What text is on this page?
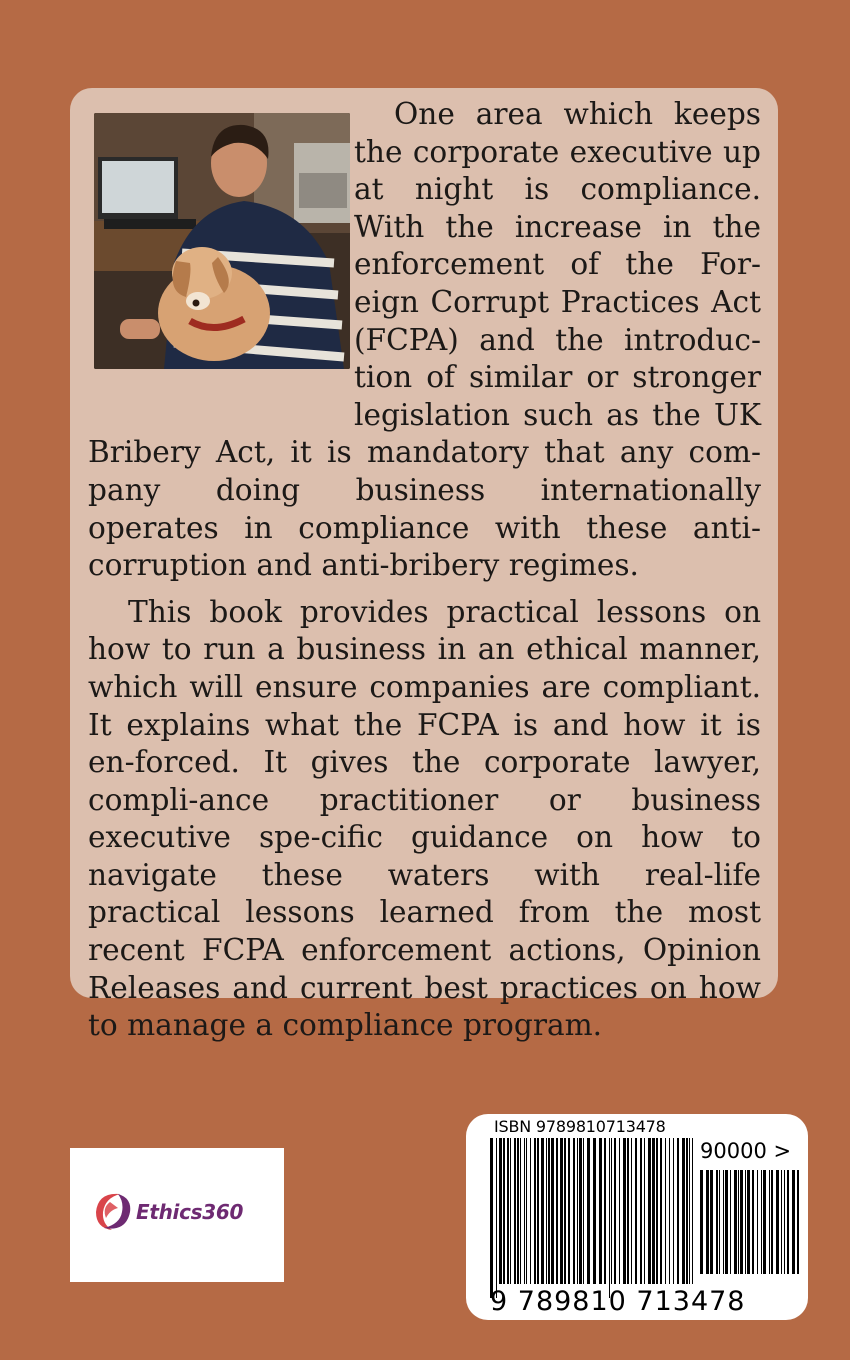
One area which keeps the corporate executive up at night is compliance. With the increase in the enforcement of the For-eign Corrupt Practices Act (FCPA) and the introduc-tion of similar or stronger legislation such as the UK Bribery Act, it is mandatory that any com-pany doing business internationally operates in compliance with these anti-corruption and anti-bribery regimes.

This book provides practical lessons on how to run a business in an ethical manner, which will ensure companies are compliant. It explains what the FCPA is and how it is en-forced. It gives the corporate lawyer, compli-ance practitioner or business executive spe-cific guidance on how to navigate these waters with real-life practical lessons learned from the most recent FCPA enforcement actions, Opinion Releases and current best practices on how to manage a compliance program.

Ethics360
ISBN 9789810713478
90000 >
9 789810 713478
